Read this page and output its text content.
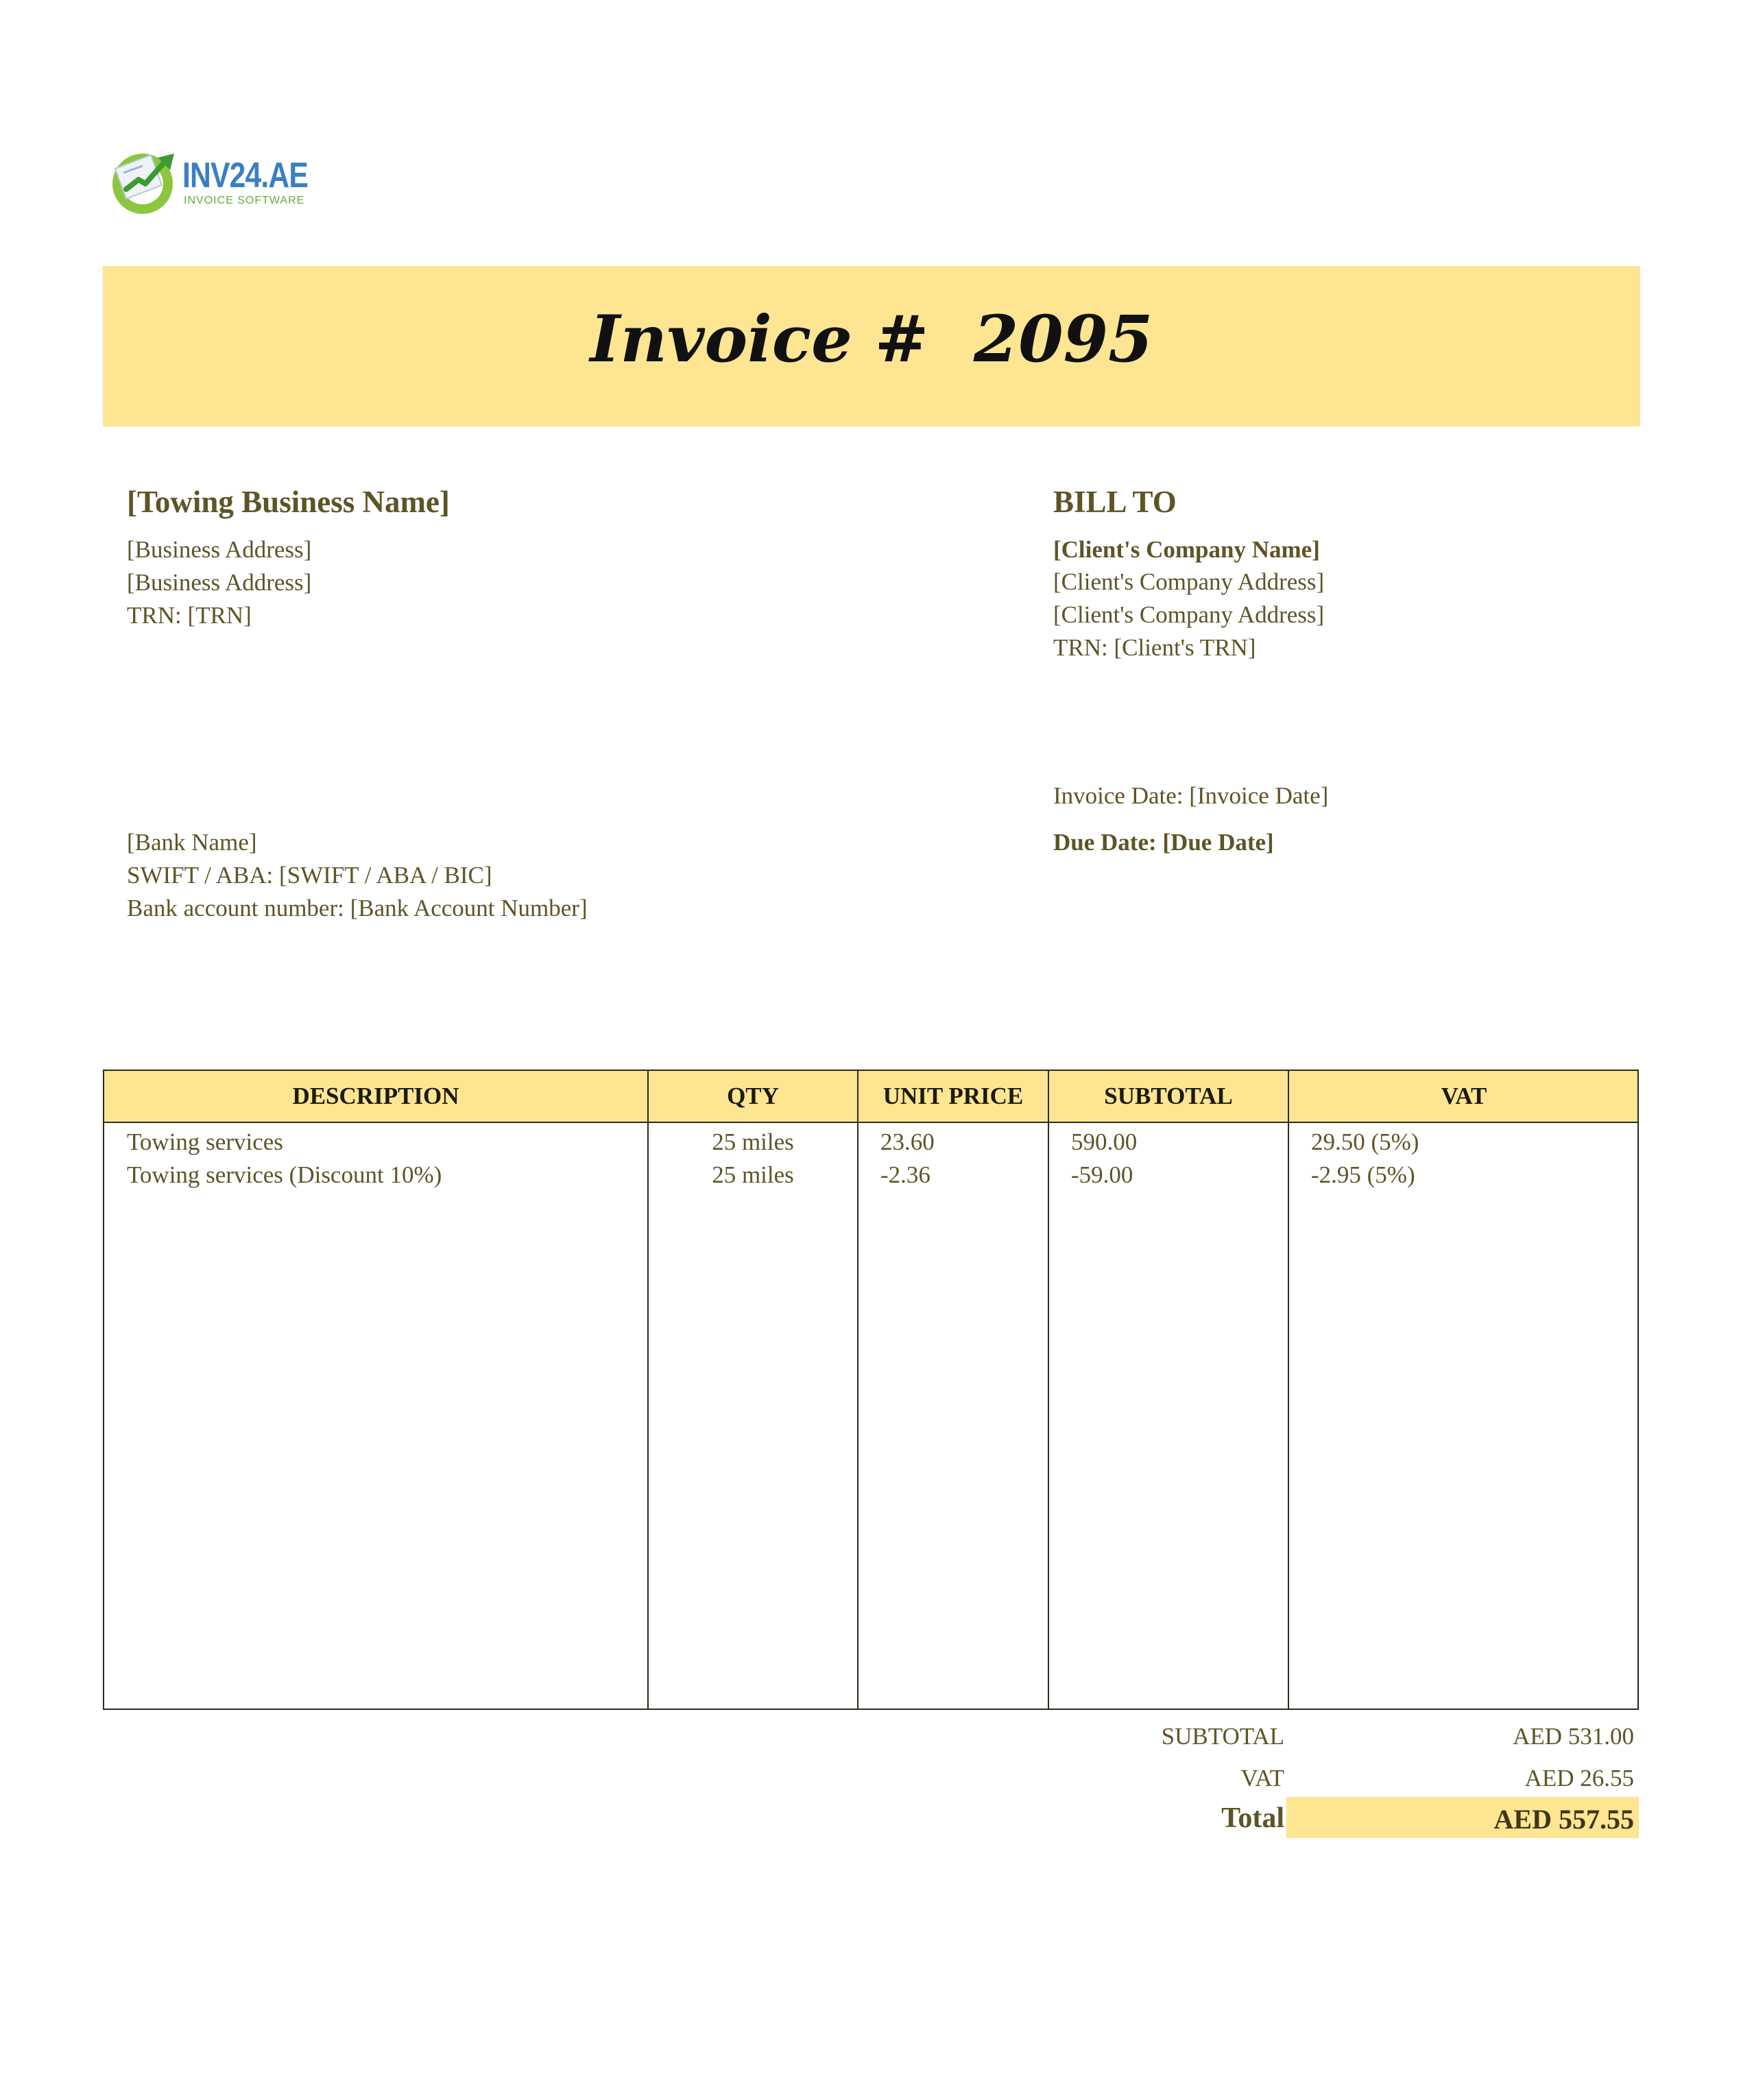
INV24.AE
INVOICE SOFTWARE
Invoice #  2095
[Towing Business Name]
[Business Address]
[Business Address]
TRN: [TRN]
BILL TO
[Client's Company Name]
[Client's Company Address]
[Client's Company Address]
TRN: [Client's TRN]
[Bank Name]
SWIFT / ABA: [SWIFT / ABA / BIC]
Bank account number: [Bank Account Number]
Invoice Date: [Invoice Date]
Due Date: [Due Date]
DESCRIPTION	QTY	UNIT PRICE	SUBTOTAL	VAT
Towing services	25 miles	23.60	590.00	29.50 (5%)
Towing services (Discount 10%)	25 miles	-2.36	-59.00	-2.95 (5%)
SUBTOTAL	AED 531.00
VAT	AED 26.55
Total	AED 557.55
